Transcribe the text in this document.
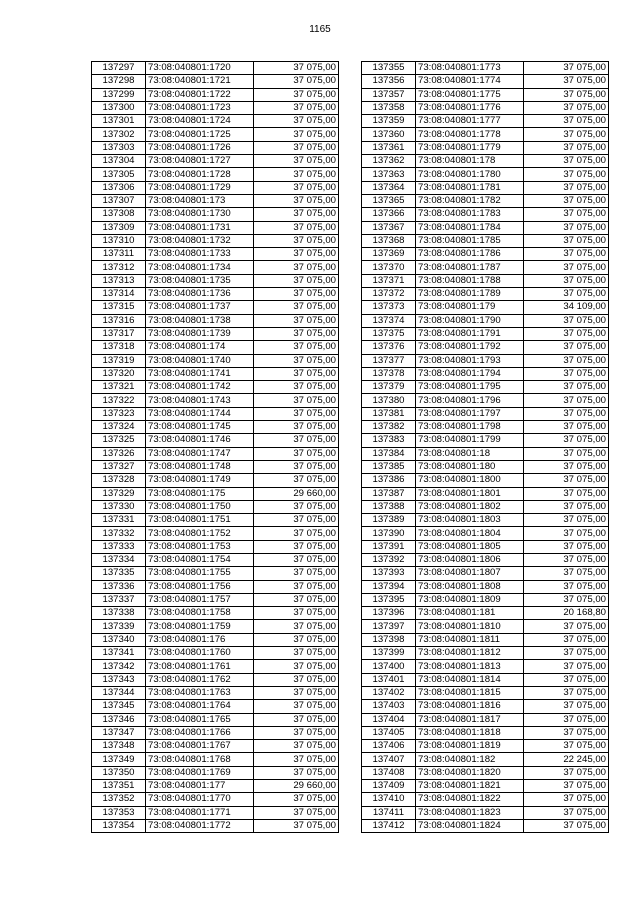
1165
137297	73:08:040801:1720	37 075,00
137298	73:08:040801:1721	37 075,00
137299	73:08:040801:1722	37 075,00
137300	73:08:040801:1723	37 075,00
137301	73:08:040801:1724	37 075,00
137302	73:08:040801:1725	37 075,00
137303	73:08:040801:1726	37 075,00
137304	73:08:040801:1727	37 075,00
137305	73:08:040801:1728	37 075,00
137306	73:08:040801:1729	37 075,00
137307	73:08:040801:173	37 075,00
137308	73:08:040801:1730	37 075,00
137309	73:08:040801:1731	37 075,00
137310	73:08:040801:1732	37 075,00
137311	73:08:040801:1733	37 075,00
137312	73:08:040801:1734	37 075,00
137313	73:08:040801:1735	37 075,00
137314	73:08:040801:1736	37 075,00
137315	73:08:040801:1737	37 075,00
137316	73:08:040801:1738	37 075,00
137317	73:08:040801:1739	37 075,00
137318	73:08:040801:174	37 075,00
137319	73:08:040801:1740	37 075,00
137320	73:08:040801:1741	37 075,00
137321	73:08:040801:1742	37 075,00
137322	73:08:040801:1743	37 075,00
137323	73:08:040801:1744	37 075,00
137324	73:08:040801:1745	37 075,00
137325	73:08:040801:1746	37 075,00
137326	73:08:040801:1747	37 075,00
137327	73:08:040801:1748	37 075,00
137328	73:08:040801:1749	37 075,00
137329	73:08:040801:175	29 660,00
137330	73:08:040801:1750	37 075,00
137331	73:08:040801:1751	37 075,00
137332	73:08:040801:1752	37 075,00
137333	73:08:040801:1753	37 075,00
137334	73:08:040801:1754	37 075,00
137335	73:08:040801:1755	37 075,00
137336	73:08:040801:1756	37 075,00
137337	73:08:040801:1757	37 075,00
137338	73:08:040801:1758	37 075,00
137339	73:08:040801:1759	37 075,00
137340	73:08:040801:176	37 075,00
137341	73:08:040801:1760	37 075,00
137342	73:08:040801:1761	37 075,00
137343	73:08:040801:1762	37 075,00
137344	73:08:040801:1763	37 075,00
137345	73:08:040801:1764	37 075,00
137346	73:08:040801:1765	37 075,00
137347	73:08:040801:1766	37 075,00
137348	73:08:040801:1767	37 075,00
137349	73:08:040801:1768	37 075,00
137350	73:08:040801:1769	37 075,00
137351	73:08:040801:177	29 660,00
137352	73:08:040801:1770	37 075,00
137353	73:08:040801:1771	37 075,00
137354	73:08:040801:1772	37 075,00
137355	73:08:040801:1773	37 075,00
137356	73:08:040801:1774	37 075,00
137357	73:08:040801:1775	37 075,00
137358	73:08:040801:1776	37 075,00
137359	73:08:040801:1777	37 075,00
137360	73:08:040801:1778	37 075,00
137361	73:08:040801:1779	37 075,00
137362	73:08:040801:178	37 075,00
137363	73:08:040801:1780	37 075,00
137364	73:08:040801:1781	37 075,00
137365	73:08:040801:1782	37 075,00
137366	73:08:040801:1783	37 075,00
137367	73:08:040801:1784	37 075,00
137368	73:08:040801:1785	37 075,00
137369	73:08:040801:1786	37 075,00
137370	73:08:040801:1787	37 075,00
137371	73:08:040801:1788	37 075,00
137372	73:08:040801:1789	37 075,00
137373	73:08:040801:179	34 109,00
137374	73:08:040801:1790	37 075,00
137375	73:08:040801:1791	37 075,00
137376	73:08:040801:1792	37 075,00
137377	73:08:040801:1793	37 075,00
137378	73:08:040801:1794	37 075,00
137379	73:08:040801:1795	37 075,00
137380	73:08:040801:1796	37 075,00
137381	73:08:040801:1797	37 075,00
137382	73:08:040801:1798	37 075,00
137383	73:08:040801:1799	37 075,00
137384	73:08:040801:18	37 075,00
137385	73:08:040801:180	37 075,00
137386	73:08:040801:1800	37 075,00
137387	73:08:040801:1801	37 075,00
137388	73:08:040801:1802	37 075,00
137389	73:08:040801:1803	37 075,00
137390	73:08:040801:1804	37 075,00
137391	73:08:040801:1805	37 075,00
137392	73:08:040801:1806	37 075,00
137393	73:08:040801:1807	37 075,00
137394	73:08:040801:1808	37 075,00
137395	73:08:040801:1809	37 075,00
137396	73:08:040801:181	20 168,80
137397	73:08:040801:1810	37 075,00
137398	73:08:040801:1811	37 075,00
137399	73:08:040801:1812	37 075,00
137400	73:08:040801:1813	37 075,00
137401	73:08:040801:1814	37 075,00
137402	73:08:040801:1815	37 075,00
137403	73:08:040801:1816	37 075,00
137404	73:08:040801:1817	37 075,00
137405	73:08:040801:1818	37 075,00
137406	73:08:040801:1819	37 075,00
137407	73:08:040801:182	22 245,00
137408	73:08:040801:1820	37 075,00
137409	73:08:040801:1821	37 075,00
137410	73:08:040801:1822	37 075,00
137411	73:08:040801:1823	37 075,00
137412	73:08:040801:1824	37 075,00
